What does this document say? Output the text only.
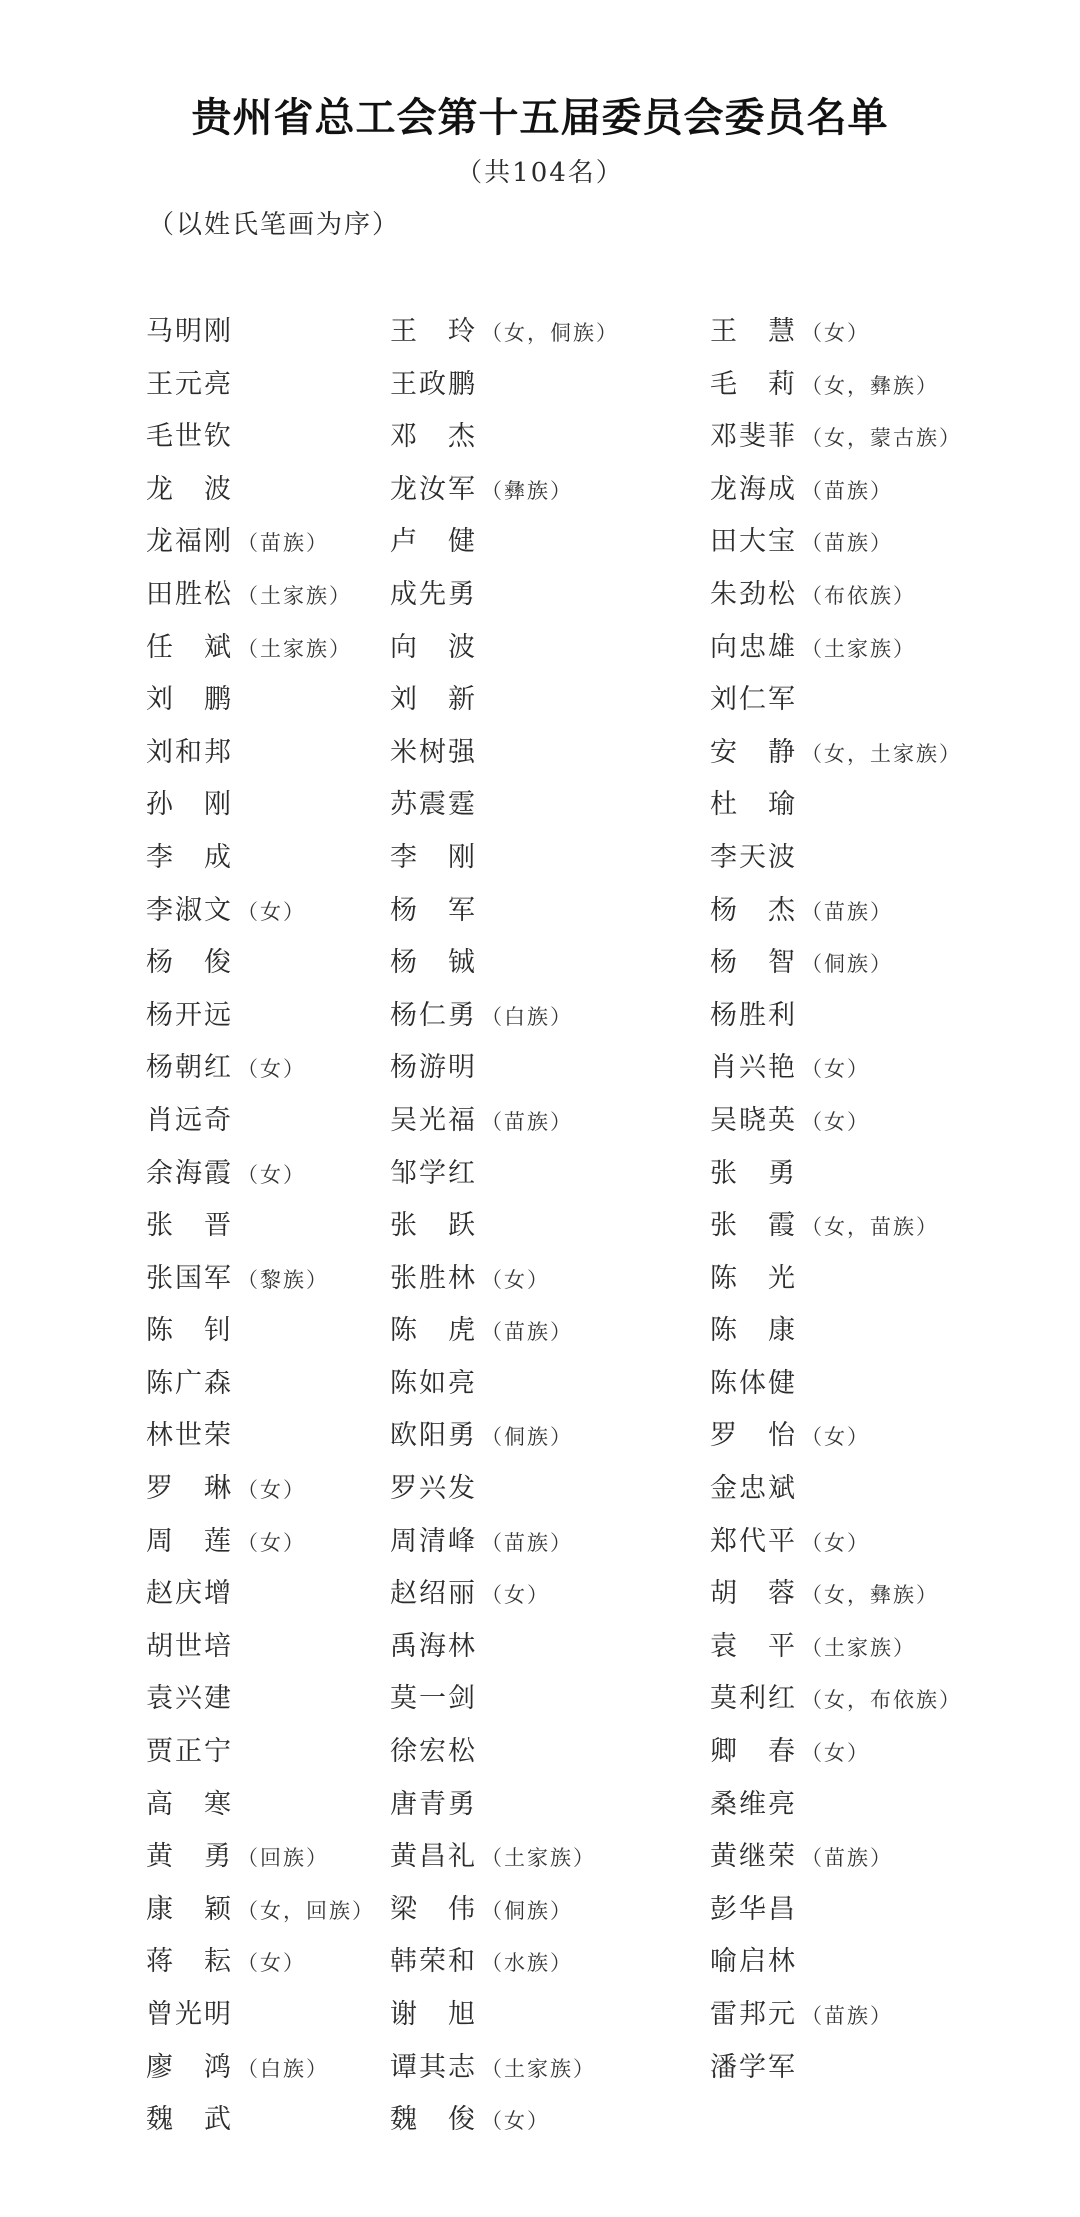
贵州省总工会第十五届委员会委员名单
（共104名）
（以姓氏笔画为序）
马明刚	王　玲 （女，侗族）	王　慧 （女）
王元亮	王政鹏	毛　莉 （女，彝族）
毛世钦	邓　杰	邓斐菲 （女，蒙古族）
龙　波	龙汝军 （彝族）	龙海成 （苗族）
龙福刚 （苗族） 卢　健	田大宝 （苗族）
田胜松 （土家族） 成先勇	朱劲松 （布依族）
任　斌 （土家族） 向　波	向忠雄 （土家族）
刘　鹏	刘　新	刘仁军
刘和邦	米树强	安　静 （女，土家族）
孙　刚	苏震霆	杜　瑜
李　成	李　刚	李天波
李淑文 （女）	杨　军	杨　杰 （苗族）
杨　俊	杨　铖	杨　智 （侗族）
杨开远	杨仁勇 （白族）	杨胜利
杨朝红 （女）	杨游明	肖兴艳 （女）
肖远奇	吴光福 （苗族）	吴晓英 （女）
余海霞 （女）	邹学红	张　勇
张　晋	张　跃	张　霞 （女，苗族）
张国军 （黎族） 张胜林 （女）	陈　光
陈　钊	陈　虎 （苗族）	陈　康
陈广森	陈如亮	陈体健
林世荣	欧阳勇 （侗族）	罗　怡 （女）
罗　琳 （女）	罗兴发	金忠斌
周　莲 （女）	周清峰 （苗族）	郑代平 （女）
赵庆增	赵绍丽 （女）	胡　蓉 （女，彝族）
胡世培	禹海林	袁　平 （土家族）
袁兴建	莫一剑	莫利红 （女，布依族）
贾正宁	徐宏松	卿　春 （女）
高　寒	唐青勇	桑维亮
黄　勇 （回族） 黄昌礼 （土家族）	黄继荣 （苗族）
康　颖 （女，回族） 梁　伟 （侗族）	彭华昌
蒋　耘 （女）	韩荣和 （水族）	喻启林
曾光明	谢　旭	雷邦元 （苗族）
廖　鸿 （白族） 谭其志 （土家族）	潘学军
魏　武	魏　俊 （女）
